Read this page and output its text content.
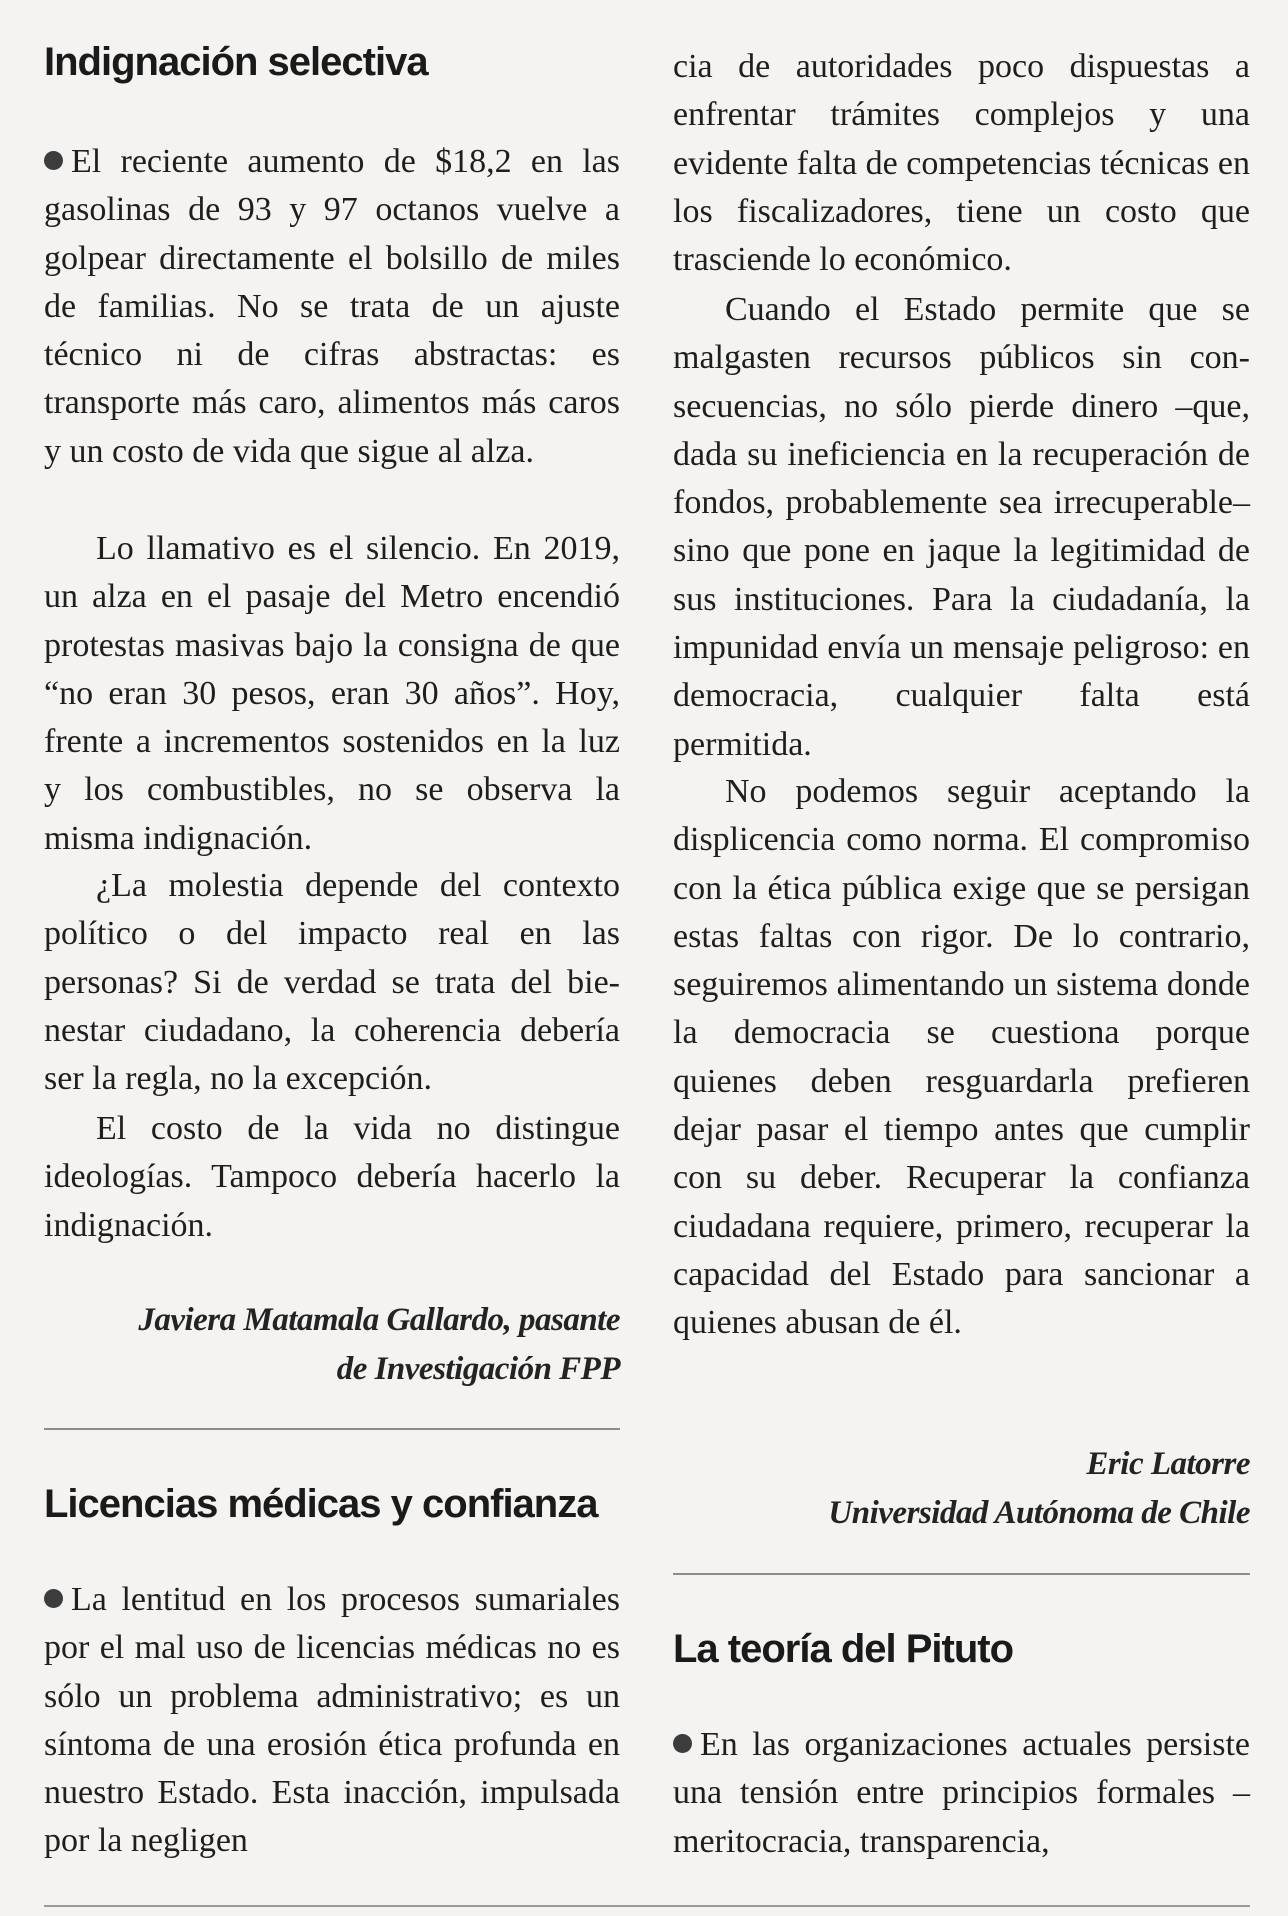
Indignación selectiva

El reciente aumento de $18,2 en las gasolinas de 93 y 97 octanos vuelve a golpear directamente el bolsillo de miles de familias. No se trata de un ajuste técnico ni de cifras abstractas: es transporte más caro, alimentos más caros y un costo de vida que sigue al alza.

Lo llamativo es el silencio. En 2019, un alza en el pasaje del Metro encendió protestas masivas bajo la consigna de que “no eran 30 pesos, eran 30 años”. Hoy, frente a incrementos sostenidos en la luz y los combustibles, no se observa la misma indignación.

¿La molestia depende del contexto político o del impacto real en las personas? Si de verdad se trata del bienestar ciudadano, la coherencia debería ser la regla, no la excepción.

El costo de la vida no distingue ideologías. Tampoco debería hacerlo la indignación.

Javiera Matamala Gallardo, pasante

de Investigación FPP

Licencias médicas y confianza

La lentitud en los procesos sumariales por el mal uso de licencias médicas no es sólo un problema administrativo; es un síntoma de una erosión ética profunda en nuestro Estado. Esta inacción, impulsada por la negligen

cia de autoridades poco dispuestas a enfrentar trámites complejos y una evidente falta de competencias técnicas en los fiscalizadores, tiene un costo que trasciende lo económico.

Cuando el Estado permite que se malgasten recursos públicos sin consecuencias, no sólo pierde dinero –que, dada su ineficiencia en la recuperación de fondos, probablemente sea irrecuperable– sino que pone en jaque la legitimidad de sus instituciones. Para la ciudadanía, la impunidad envía un mensaje peligroso: en democracia, cualquier falta está permitida.

No podemos seguir aceptando la displicencia como norma. El compromiso con la ética pública exige que se persigan estas faltas con rigor. De lo contrario, seguiremos alimentando un sistema donde la democracia se cuestiona porque quienes deben resguardarla prefieren dejar pasar el tiempo antes que cumplir con su deber. Recuperar la confianza ciudadana requiere, primero, recuperar la capacidad del Estado para sancionar a quienes abusan de él.

Eric Latorre

Universidad Autónoma de Chile

La teoría del Pituto

En las organizaciones actuales persiste una tensión entre principios formales –meritocracia, transparencia,
